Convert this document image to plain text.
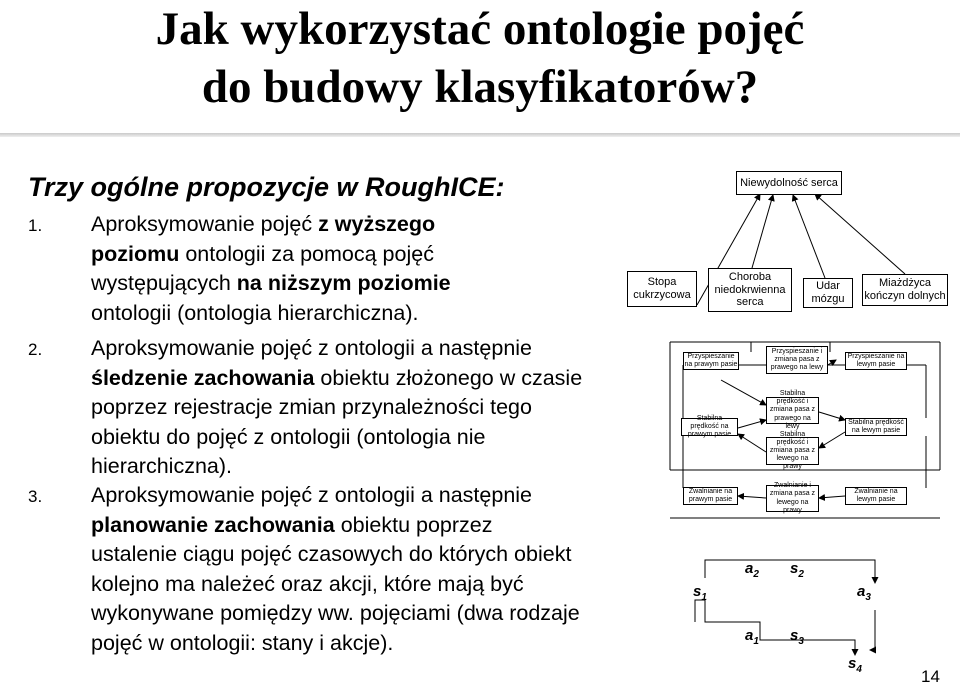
Jak wykorzystać ontologie pojęć
do budowy klasyfikatorów?
Trzy ogólne propozycje w RoughICE:
1. Aproksymowanie pojęć z wyższego
poziomu ontologii za pomocą pojęć
występujących na niższym poziomie
ontologii (ontologia hierarchiczna).
2. Aproksymowanie pojęć z ontologii a następnie
śledzenie zachowania obiektu złożonego w czasie
poprzez rejestracje zmian przynależności tego
obiektu do pojęć z ontologii (ontologia nie
hierarchiczna).
3. Aproksymowanie pojęć z ontologii a następnie
planowanie zachowania obiektu poprzez
ustalenie ciągu pojęć czasowych do których obiekt
kolejno ma należeć oraz akcji, które mają być
wykonywane pomiędzy ww. pojęciami (dwa rodzaje
pojęć w ontologii: stany i akcje).
Niewydolność serca
Stopa cukrzycowa
Choroba niedokrwienna serca
Udar mózgu
Miażdżyca kończyn dolnych
Przyspieszanie na prawym pasie
Przyspieszanie i zmiana pasa z prawego na lewy
Przyspieszanie na lewym pasie
Stabilna prędkość i zmiana pasa z prawego na lewy
Stabilna prędkość na prawym pasie
Stabilna prędkość na lewym pasie
Stabilna prędkość i zmiana pasa z lewego na prawy
Zwalnianie na prawym pasie
Zwalnianie i zmiana pasa z lewego na prawy
Zwalnianie na lewym pasie
$s_1$
$s_2$
$s_3$
$s_4$
$a_1$
$a_2$
$a_3$
14
